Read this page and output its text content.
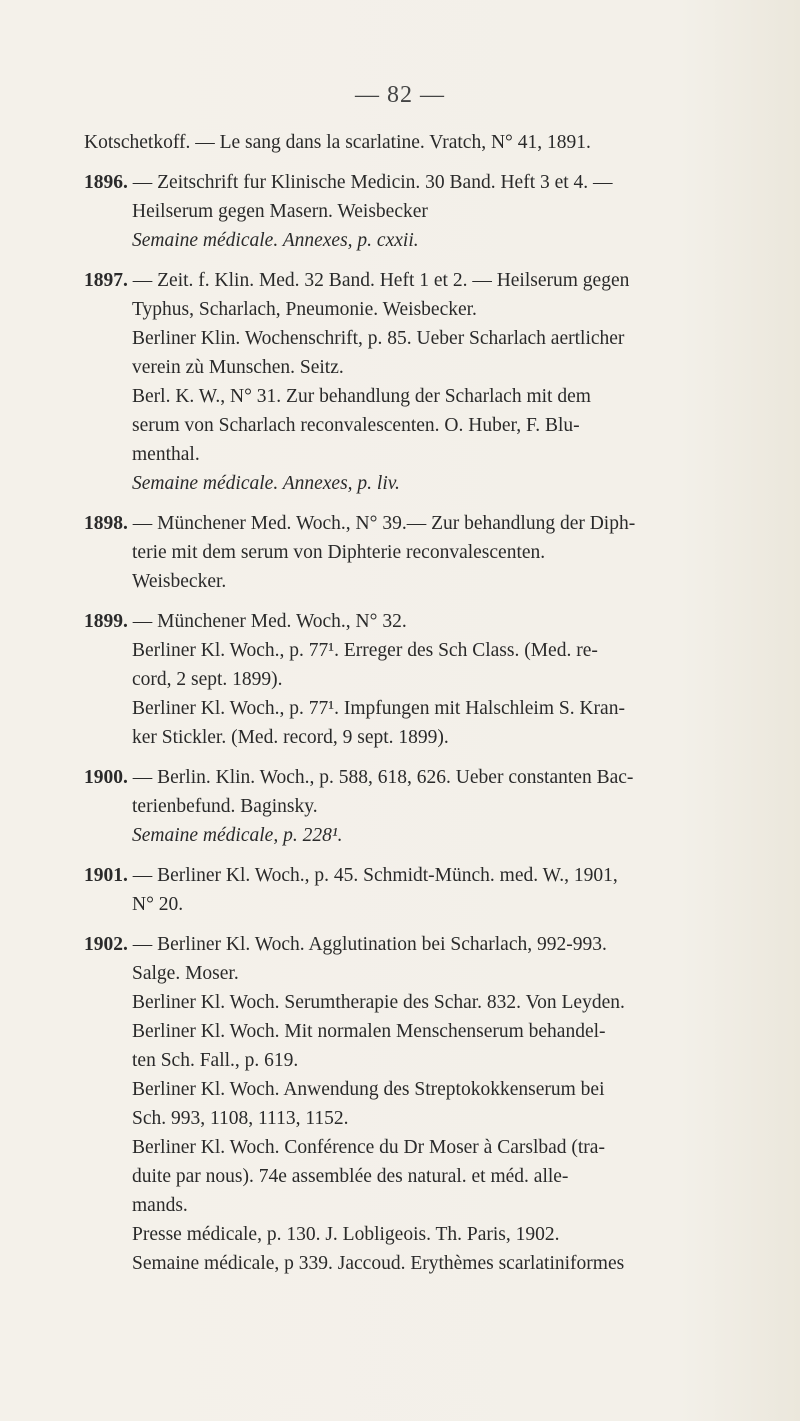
— 82 —
Kotschetkoff. — Le sang dans la scarlatine. Vratch, N° 41, 1891.
1896. — Zeitschrift fur Klinische Medicin. 30 Band. Heft 3 et 4. —
Heilserum gegen Masern. Weisbecker
Semaine médicale. Annexes, p. cxxii.
1897. — Zeit. f. Klin. Med. 32 Band. Heft 1 et 2. — Heilserum gegen
Typhus, Scharlach, Pneumonie. Weisbecker.
Berliner Klin. Wochenschrift, p. 85. Ueber Scharlach aertlicher
verein zù Munschen. Seitz.
Berl. K. W., N° 31. Zur behandlung der Scharlach mit dem
serum von Scharlach reconvalescenten. O. Huber, F. Blu-
menthal.
Semaine médicale. Annexes, p. liv.
1898. — Münchener Med. Woch., N° 39.— Zur behandlung der Diph-
terie mit dem serum von Diphterie reconvalescenten.
Weisbecker.
1899. — Münchener Med. Woch., N° 32.
Berliner Kl. Woch., p. 77¹. Erreger des Sch Class. (Med. re-
cord, 2 sept. 1899).
Berliner Kl. Woch., p. 77¹. Impfungen mit Halschleim S. Kran-
ker Stickler. (Med. record, 9 sept. 1899).
1900. — Berlin. Klin. Woch., p. 588, 618, 626. Ueber constanten Bac-
terienbefund. Baginsky.
Semaine médicale, p. 228¹.
1901. — Berliner Kl. Woch., p. 45. Schmidt-Münch. med. W., 1901,
N° 20.
1902. — Berliner Kl. Woch. Agglutination bei Scharlach, 992-993.
Salge. Moser.
Berliner Kl. Woch. Serumtherapie des Schar. 832. Von Leyden.
Berliner Kl. Woch. Mit normalen Menschenserum behandel-
ten Sch. Fall., p. 619.
Berliner Kl. Woch. Anwendung des Streptokokkenserum bei
Sch. 993, 1108, 1113, 1152.
Berliner Kl. Woch. Conférence du Dr Moser à Carslbad (tra-
duite par nous). 74e assemblée des natural. et méd. alle-
mands.
Presse médicale, p. 130. J. Lobligeois. Th. Paris, 1902.
Semaine médicale, p 339. Jaccoud. Erythèmes scarlatiniformes
